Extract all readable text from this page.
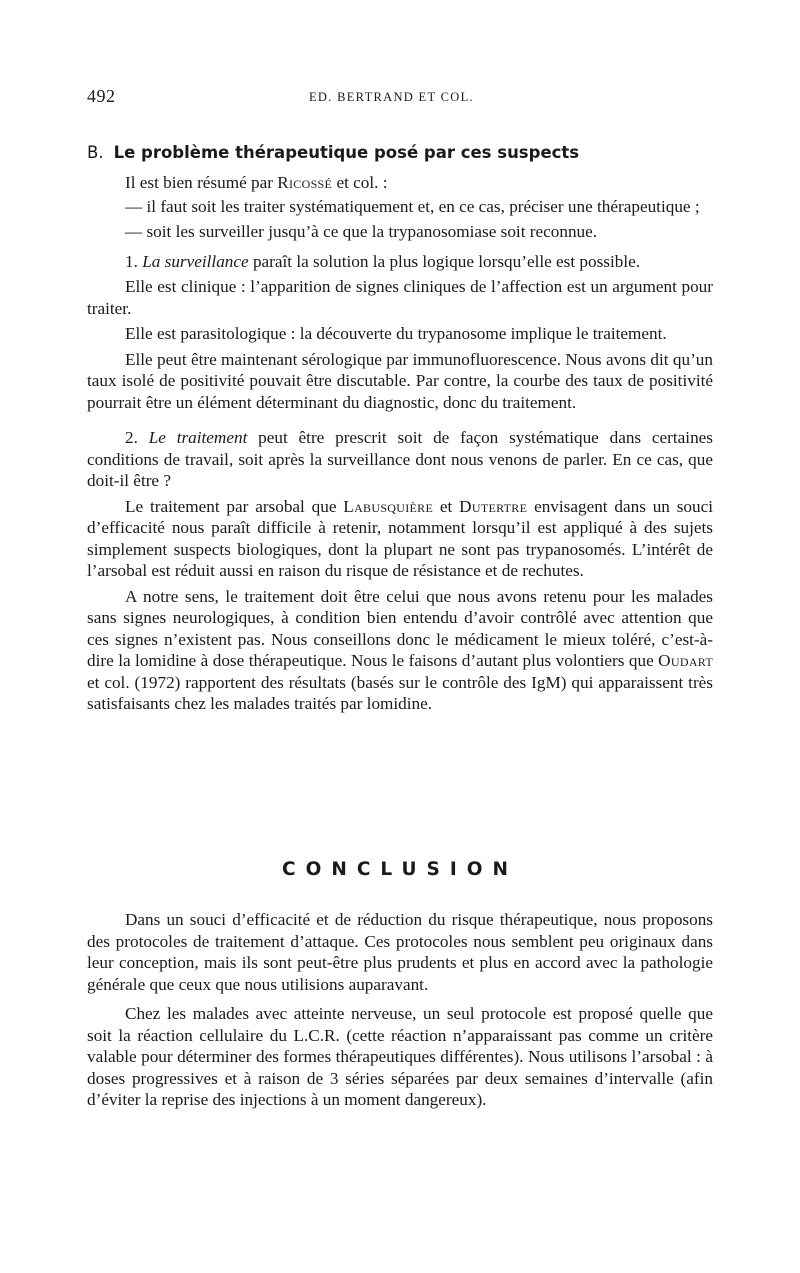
492	ED. BERTRAND ET COL.
B. Le problème thérapeutique posé par ces suspects

Il est bien résumé par Ricossé et col. :

— il faut soit les traiter systématiquement et, en ce cas, préciser une thérapeutique ;

— soit les surveiller jusqu’à ce que la trypanosomiase soit reconnue.

1. La surveillance paraît la solution la plus logique lorsqu’elle est possible.

Elle est clinique : l’apparition de signes cliniques de l’affection est un argument pour traiter.

Elle est parasitologique : la découverte du trypanosome implique le traitement.

Elle peut être maintenant sérologique par immunofluorescence. Nous avons dit qu’un taux isolé de positivité pouvait être discutable. Par contre, la courbe des taux de positivité pourrait être un élément déterminant du diagnostic, donc du traitement.

2. Le traitement peut être prescrit soit de façon systématique dans certaines conditions de travail, soit après la surveillance dont nous venons de parler. En ce cas, que doit-il être ?

Le traitement par arsobal que Labusquière et Dutertre envisagent dans un souci d’efficacité nous paraît difficile à retenir, notamment lorsqu’il est appliqué à des sujets simplement suspects biologiques, dont la plupart ne sont pas trypanosomés. L’intérêt de l’arsobal est réduit aussi en raison du risque de résistance et de rechutes.

A notre sens, le traitement doit être celui que nous avons retenu pour les malades sans signes neurologiques, à condition bien entendu d’avoir contrôlé avec attention que ces signes n’existent pas. Nous conseillons donc le médicament le mieux toléré, c’est-à-dire la lomidine à dose thérapeutique. Nous le faisons d’autant plus volontiers que Oudart et col. (1972) rapportent des résultats (basés sur le contrôle des IgM) qui apparaissent très satisfaisants chez les malades traités par lomidine.

CONCLUSION

Dans un souci d’efficacité et de réduction du risque thérapeutique, nous proposons des protocoles de traitement d’attaque. Ces protocoles nous semblent peu originaux dans leur conception, mais ils sont peut-être plus prudents et plus en accord avec la pathologie générale que ceux que nous utilisions auparavant.

Chez les malades avec atteinte nerveuse, un seul protocole est proposé quelle que soit la réaction cellulaire du L.C.R. (cette réaction n’apparaissant pas comme un critère valable pour déterminer des formes thérapeutiques différentes). Nous utilisons l’arsobal : à doses progressives et à raison de 3 séries séparées par deux semaines d’intervalle (afin d’éviter la reprise des injections à un moment dangereux).
